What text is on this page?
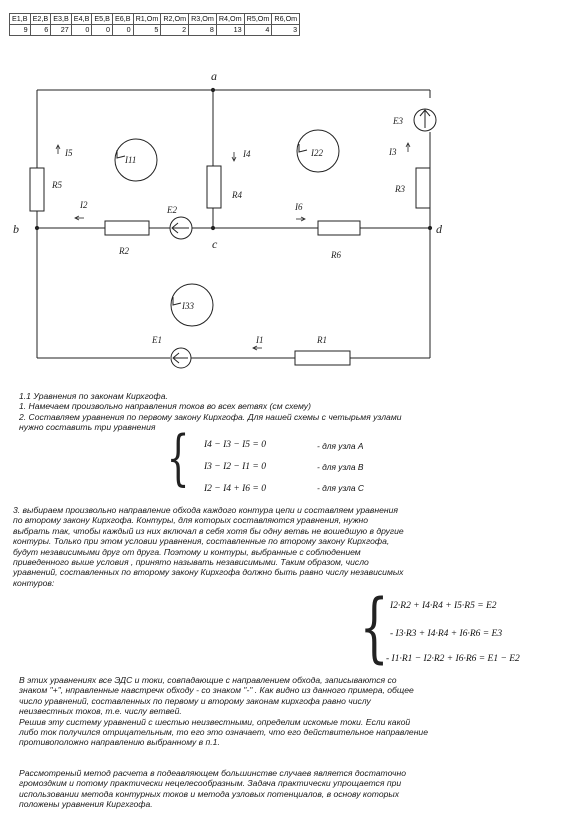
E1,B	E2,B	E3,B	E4,B	E5,B	E6,B	R1,Om	R2,Om	R3,Om	R4,Om	R5,Om	R6,Om
9	6	27	0	0	0	5	2	8	13	4	3
a
b
c
d
I5	I4	I3
I2	I6
I1
I11
I22
I33
R5
R4
R3
R2	R6
R1
E3
E2
E1
1.1 Уравнения по законам Кирхгофа.
1. Намечаем произвольно направления токов во всех ветвях (см схему)
2. Составляем уравнения по первому закону Кирхгофа. Для нашей схемы с четырьмя узлами
нужно составить три уравнения { I4 − I3 − I5 = 0
I3 − I2 − I1 = 0
I2 − I4 + I6 = 0
- для узла A
- для узла B
- для узла C
3. выбираем произвольно направление обхода каждого контура цепи и составляем уравнения
по второму закону Кирхгофа. Контуры, для которых составляются уравнения, нужно
выбрать так, чтобы каждый из них включал в себя хотя бы одну ветвь не вошедшую в другие
контуры. Только при этом условии уравнения, составленные по второму закону Кирхгофа,
будут независимыми друг от друга. Поэтому и контуры, выбранные с соблюдением
приведенного выше условия , принято называть независимыми. Таким образом, число
уравнений, составленных по второму закону Кирхгофа должно быть равно числу независимых
контуров:	{ I2·R2 + I4·R4 + I5·R5 = E2
- I3·R3 + I4·R4 + I6·R6 = E3
- I1·R1 − I2·R2 + I6·R6 = E1 − E2
В этих уравнениях все ЭДС и токи, совпадающие с направлением обхода, записываются со
знаком "+", нправленные навстречк обходу - со знаком "-" . Как видно из данного примера, общее
число уравнений, составленных по первому и второму законам кирхгофа равно числу
неизвестных токов, т.е. числу ветвей.
Решив эту систему уравнений с шестью неизвестными, определим искомые токи. Если какой
либо ток получился отрицательным, то его это означает, что его действительное направление
противоположно направлению выбранному в п.1.
Рассмотреный метод расчета в подеавляющем большинстве случаев является достаточно
громоздким и потому практически нецелесообразным. Задача практически упрощается при
использовании метода контурных токов и метода узловых потенциалов, в основу которых
положены уравнения Киргхгофа.
